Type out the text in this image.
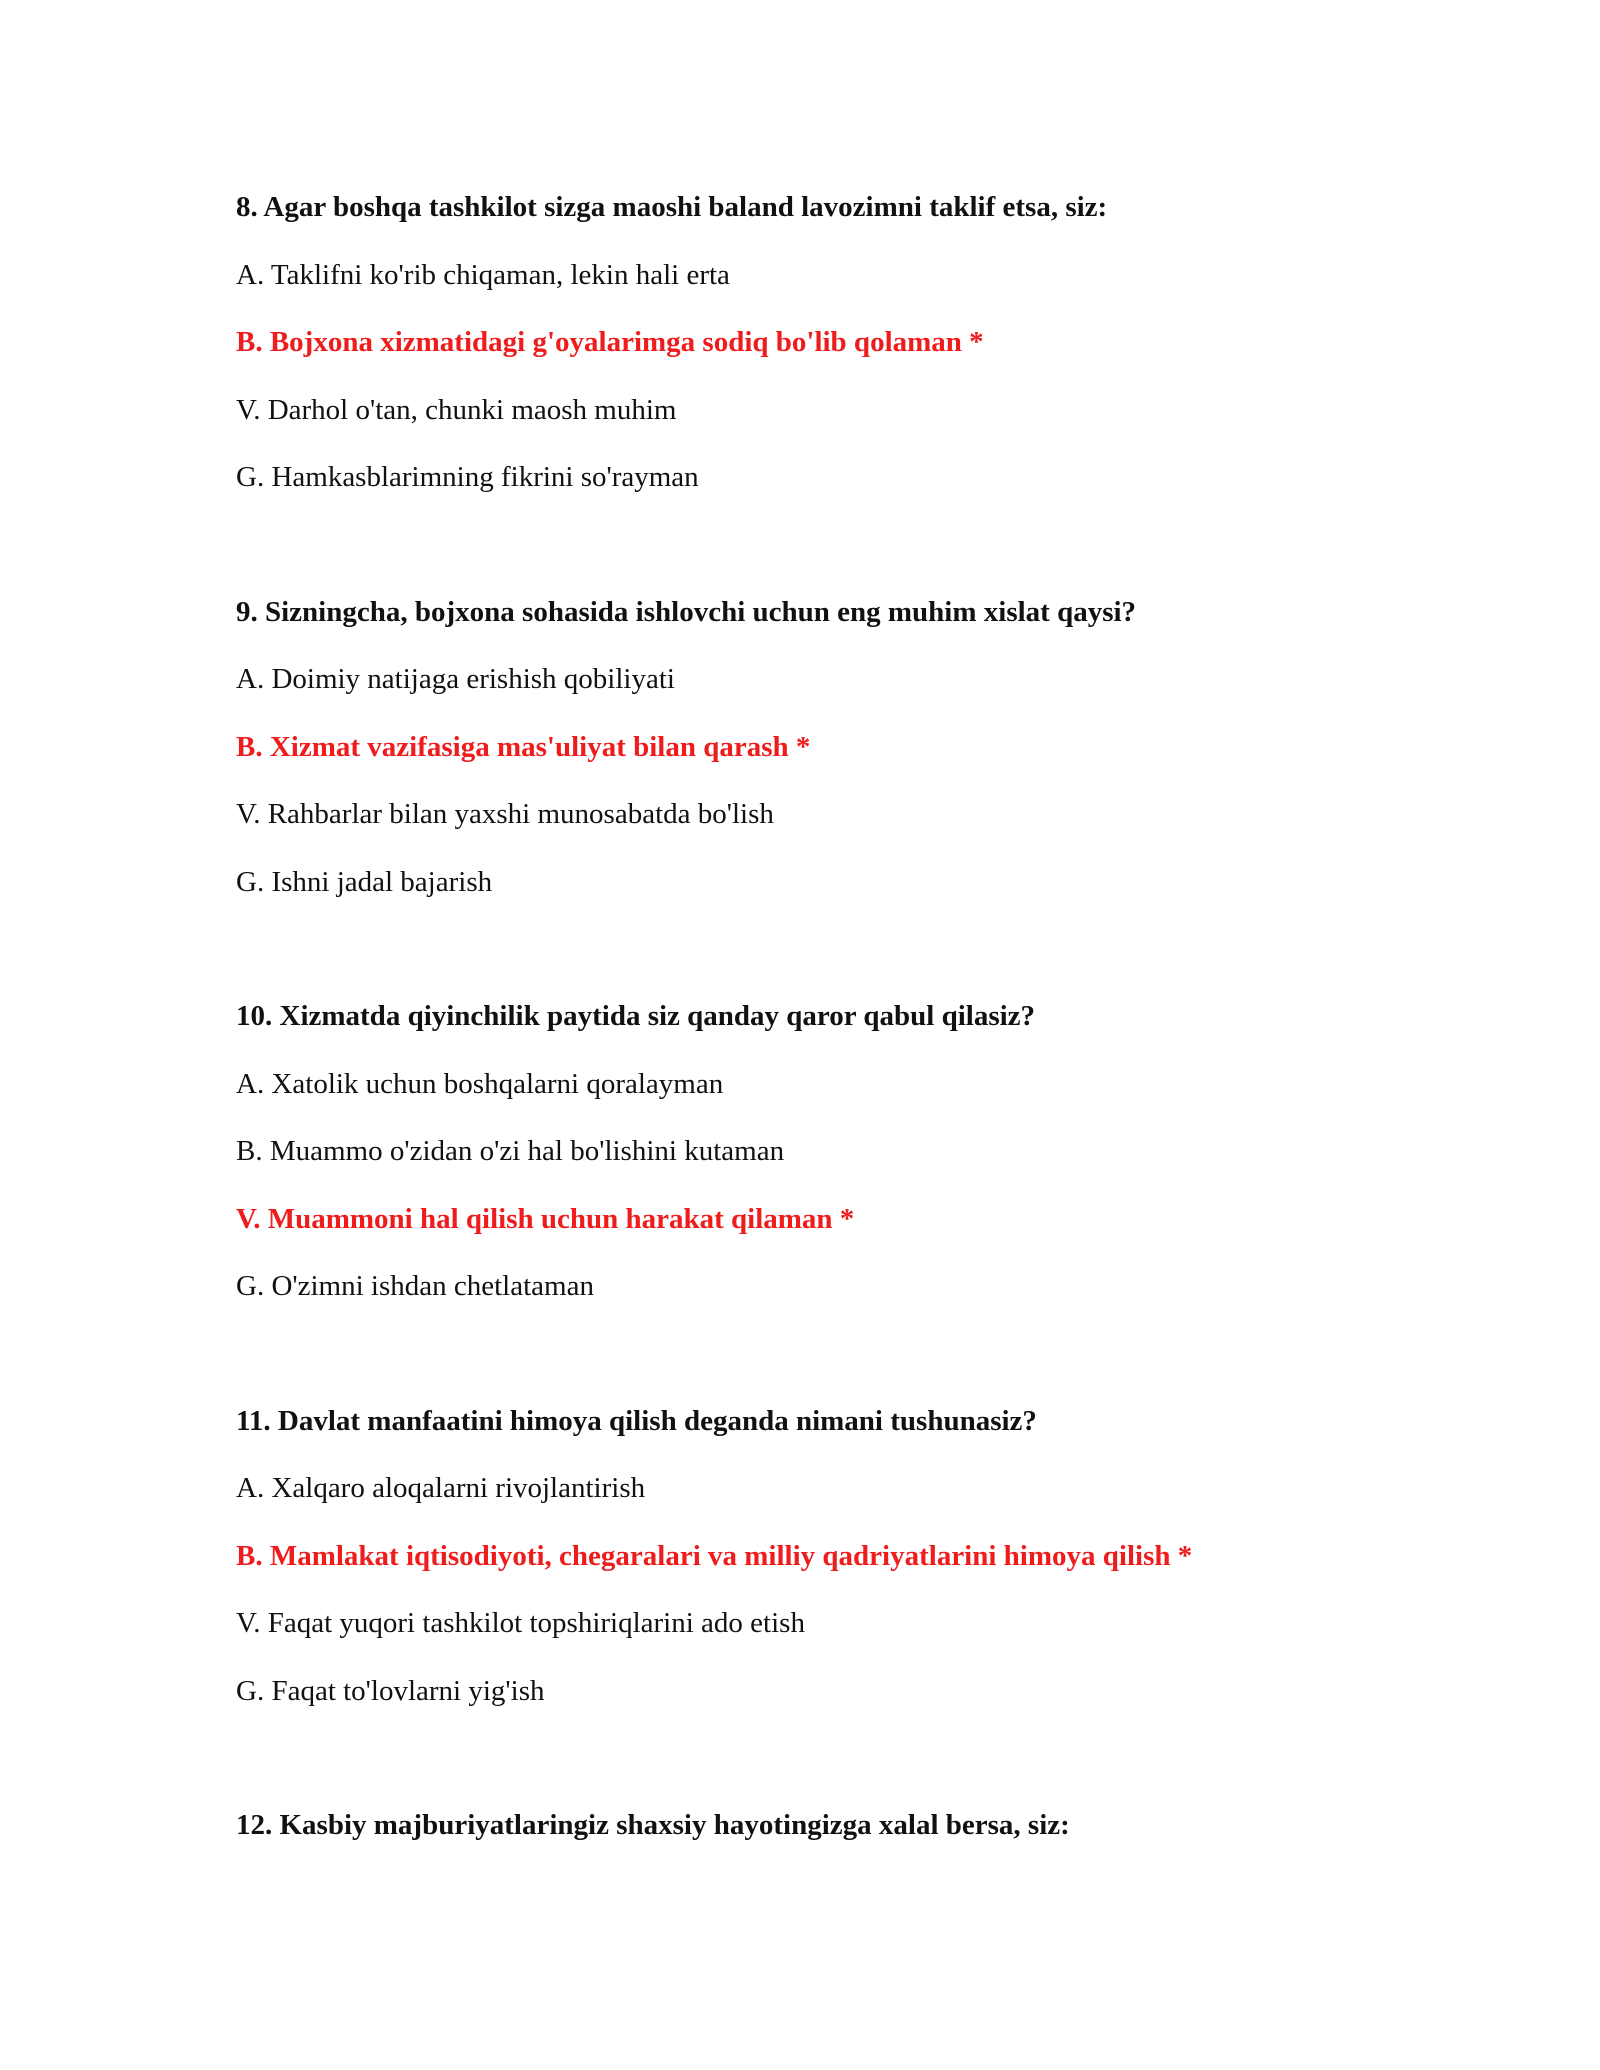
8. Agar boshqa tashkilot sizga maoshi baland lavozimni taklif etsa, siz:
A. Taklifni ko'rib chiqaman, lekin hali erta
B. Bojxona xizmatidagi g'oyalarimga sodiq bo'lib qolaman *
V. Darhol o'tan, chunki maosh muhim
G. Hamkasblarimning fikrini so'rayman
9. Sizningcha, bojxona sohasida ishlovchi uchun eng muhim xislat qaysi?
A. Doimiy natijaga erishish qobiliyati
B. Xizmat vazifasiga mas'uliyat bilan qarash *
V. Rahbarlar bilan yaxshi munosabatda bo'lish
G. Ishni jadal bajarish
10. Xizmatda qiyinchilik paytida siz qanday qaror qabul qilasiz?
A. Xatolik uchun boshqalarni qoralayman
B. Muammo o'zidan o'zi hal bo'lishini kutaman
V. Muammoni hal qilish uchun harakat qilaman *
G. O'zimni ishdan chetlataman
11. Davlat manfaatini himoya qilish deganda nimani tushunasiz?
A. Xalqaro aloqalarni rivojlantirish
B. Mamlakat iqtisodiyoti, chegaralari va milliy qadriyatlarini himoya qilish *
V. Faqat yuqori tashkilot topshiriqlarini ado etish
G. Faqat to'lovlarni yig'ish
12. Kasbiy majburiyatlaringiz shaxsiy hayotingizga xalal bersa, siz:
